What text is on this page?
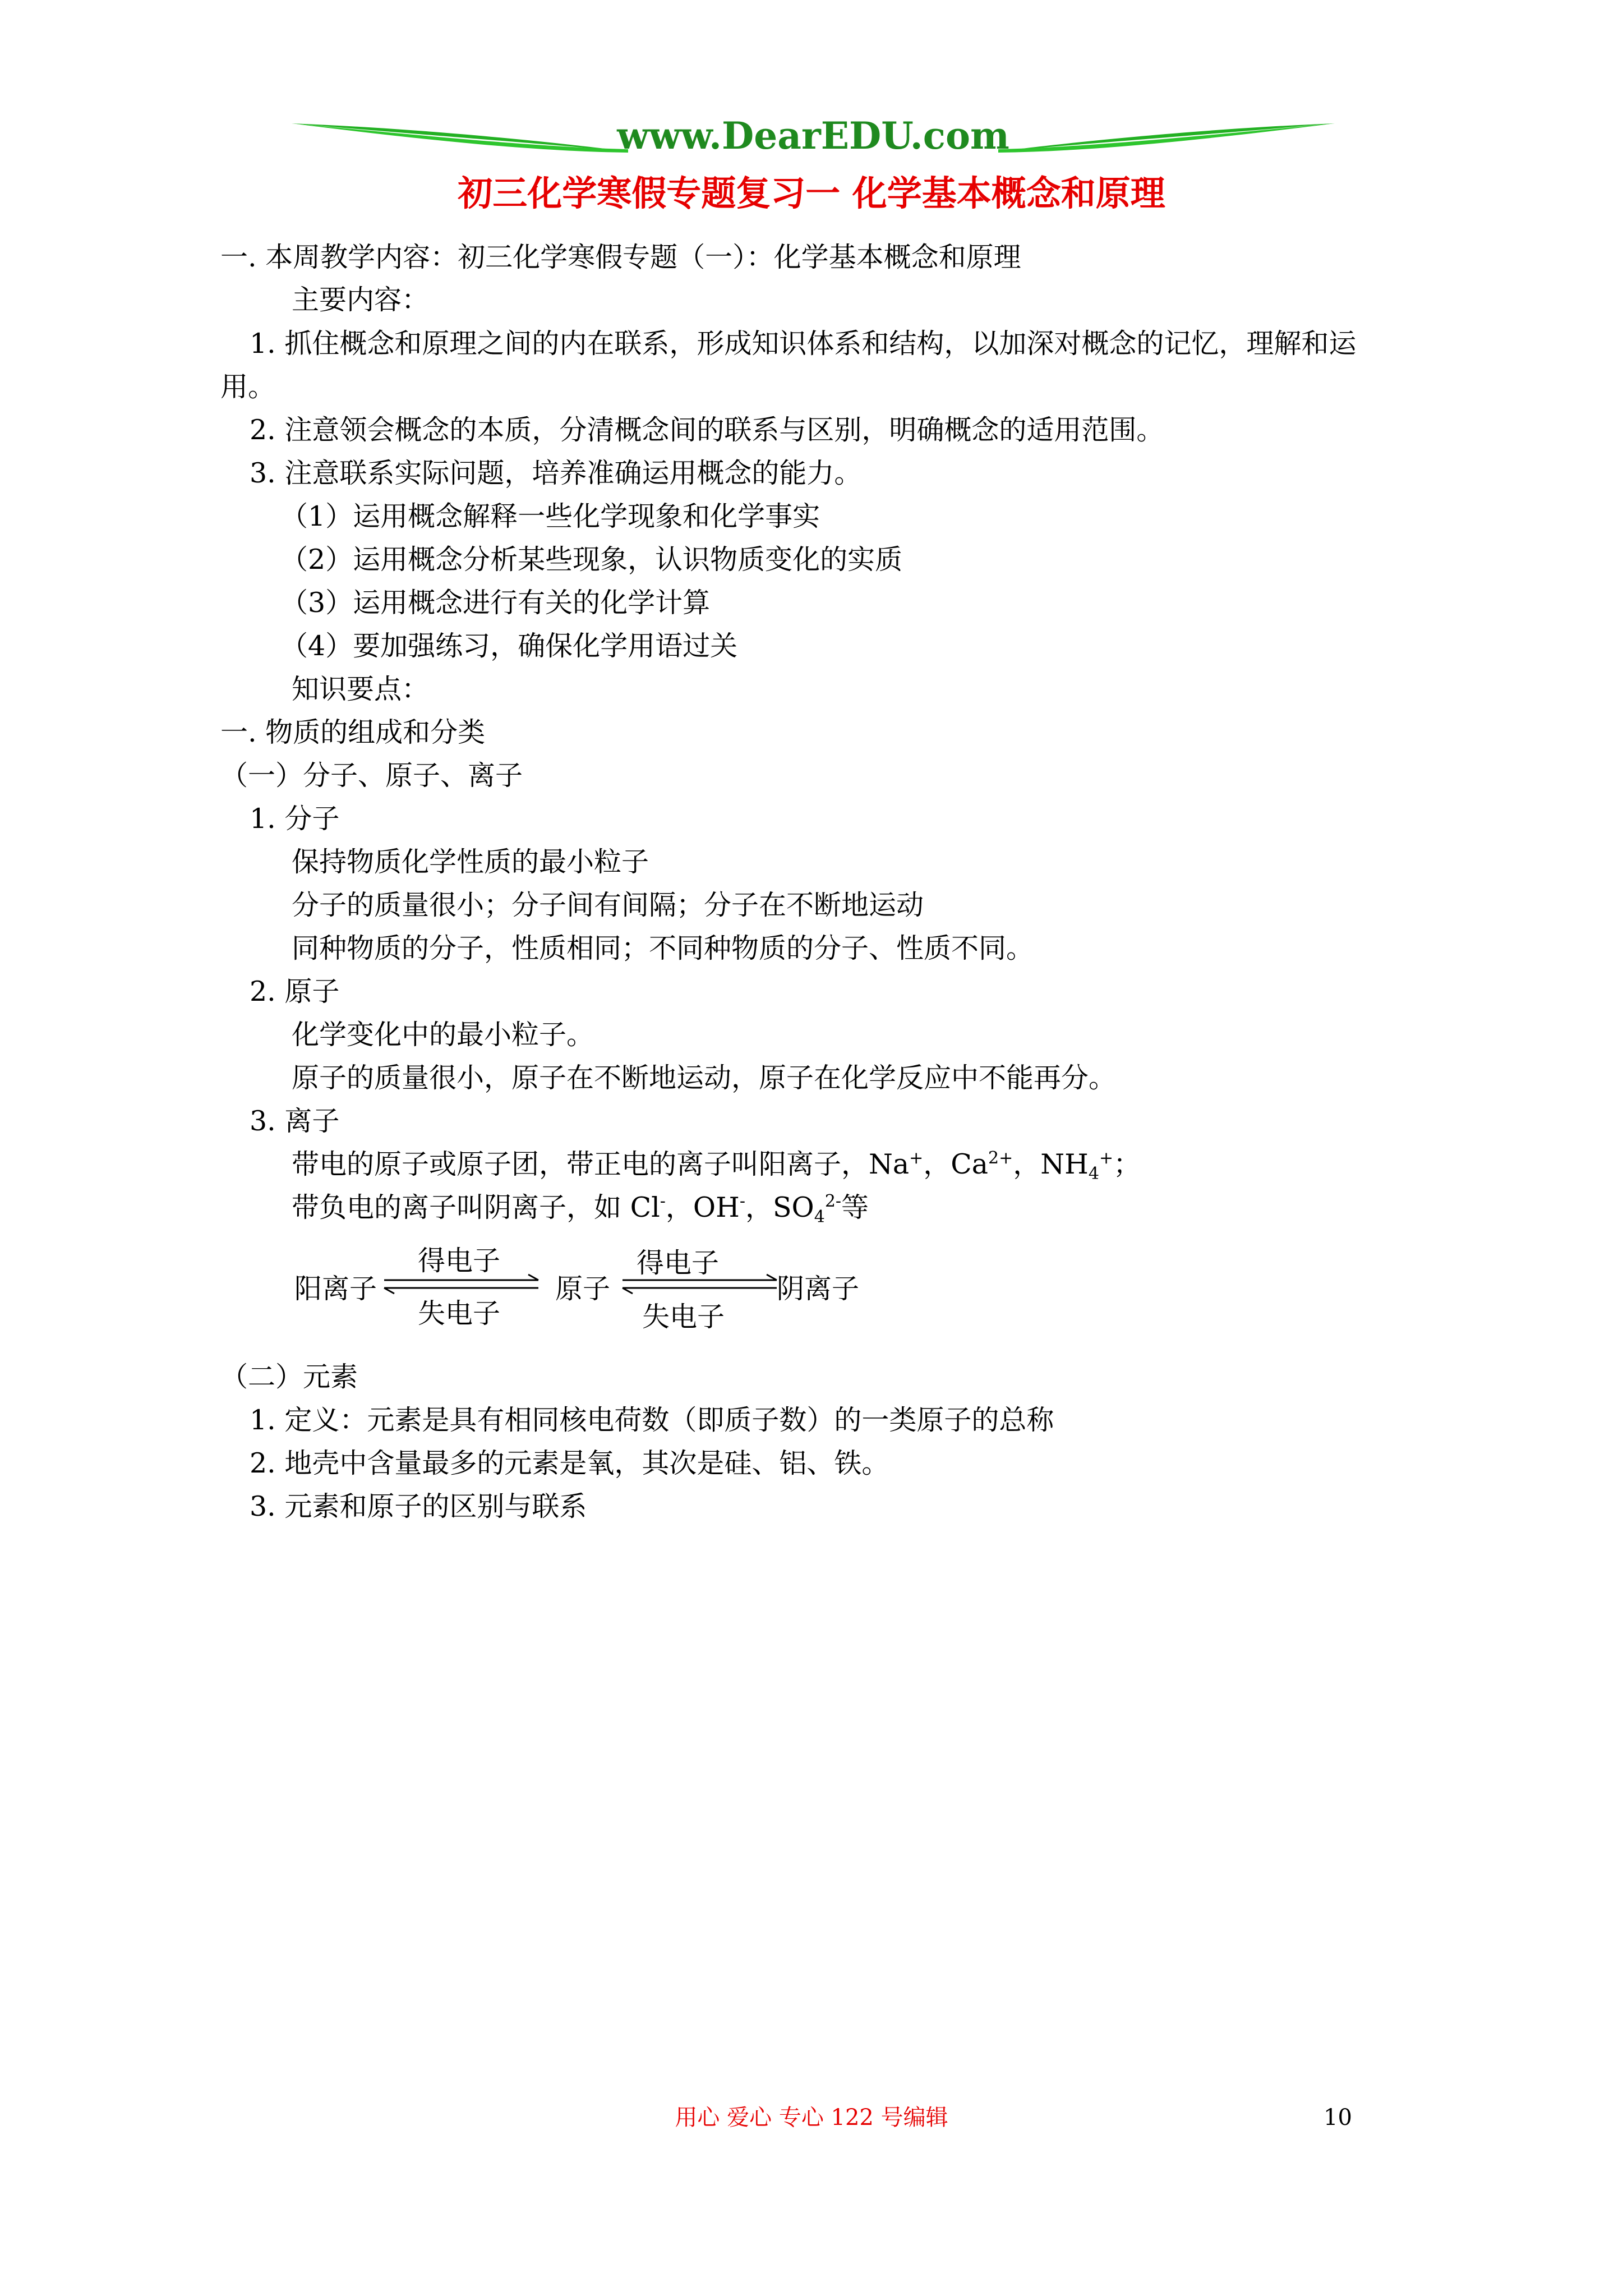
www.DearEDU.com
初三化学寒假专题复习一 化学基本概念和原理
一. 本周教学内容：初三化学寒假专题（一）：化学基本概念和原理
主要内容：
1. 抓住概念和原理之间的内在联系，形成知识体系和结构，以加深对概念的记忆，理解和运
用。
2. 注意领会概念的本质，分清概念间的联系与区别，明确概念的适用范围。
3. 注意联系实际问题，培养准确运用概念的能力。
（1）运用概念解释一些化学现象和化学事实
（2）运用概念分析某些现象，认识物质变化的实质
（3）运用概念进行有关的化学计算
（4）要加强练习，确保化学用语过关
知识要点：
一. 物质的组成和分类
（一）分子、原子、离子
1. 分子
保持物质化学性质的最小粒子
分子的质量很小；分子间有间隔；分子在不断地运动
同种物质的分子，性质相同；不同种物质的分子、性质不同。
2. 原子
化学变化中的最小粒子。
原子的质量很小，原子在不断地运动，原子在化学反应中不能再分。
3. 离子
带电的原子或原子团，带正电的离子叫阳离子，Na+，$Ca^{2+}$，$NH_4^+$；
带负电的离子叫阴离子，如 Cl-，OH-，$SO_4^{2-}$等
阳离子
得电子
失电子
原子
得电子
失电子
阴离子
（二）元素
1. 定义：元素是具有相同核电荷数（即质子数）的一类原子的总称
2. 地壳中含量最多的元素是氧，其次是硅、铝、铁。
3. 元素和原子的区别与联系
用心 爱心 专心 122 号编辑	10
